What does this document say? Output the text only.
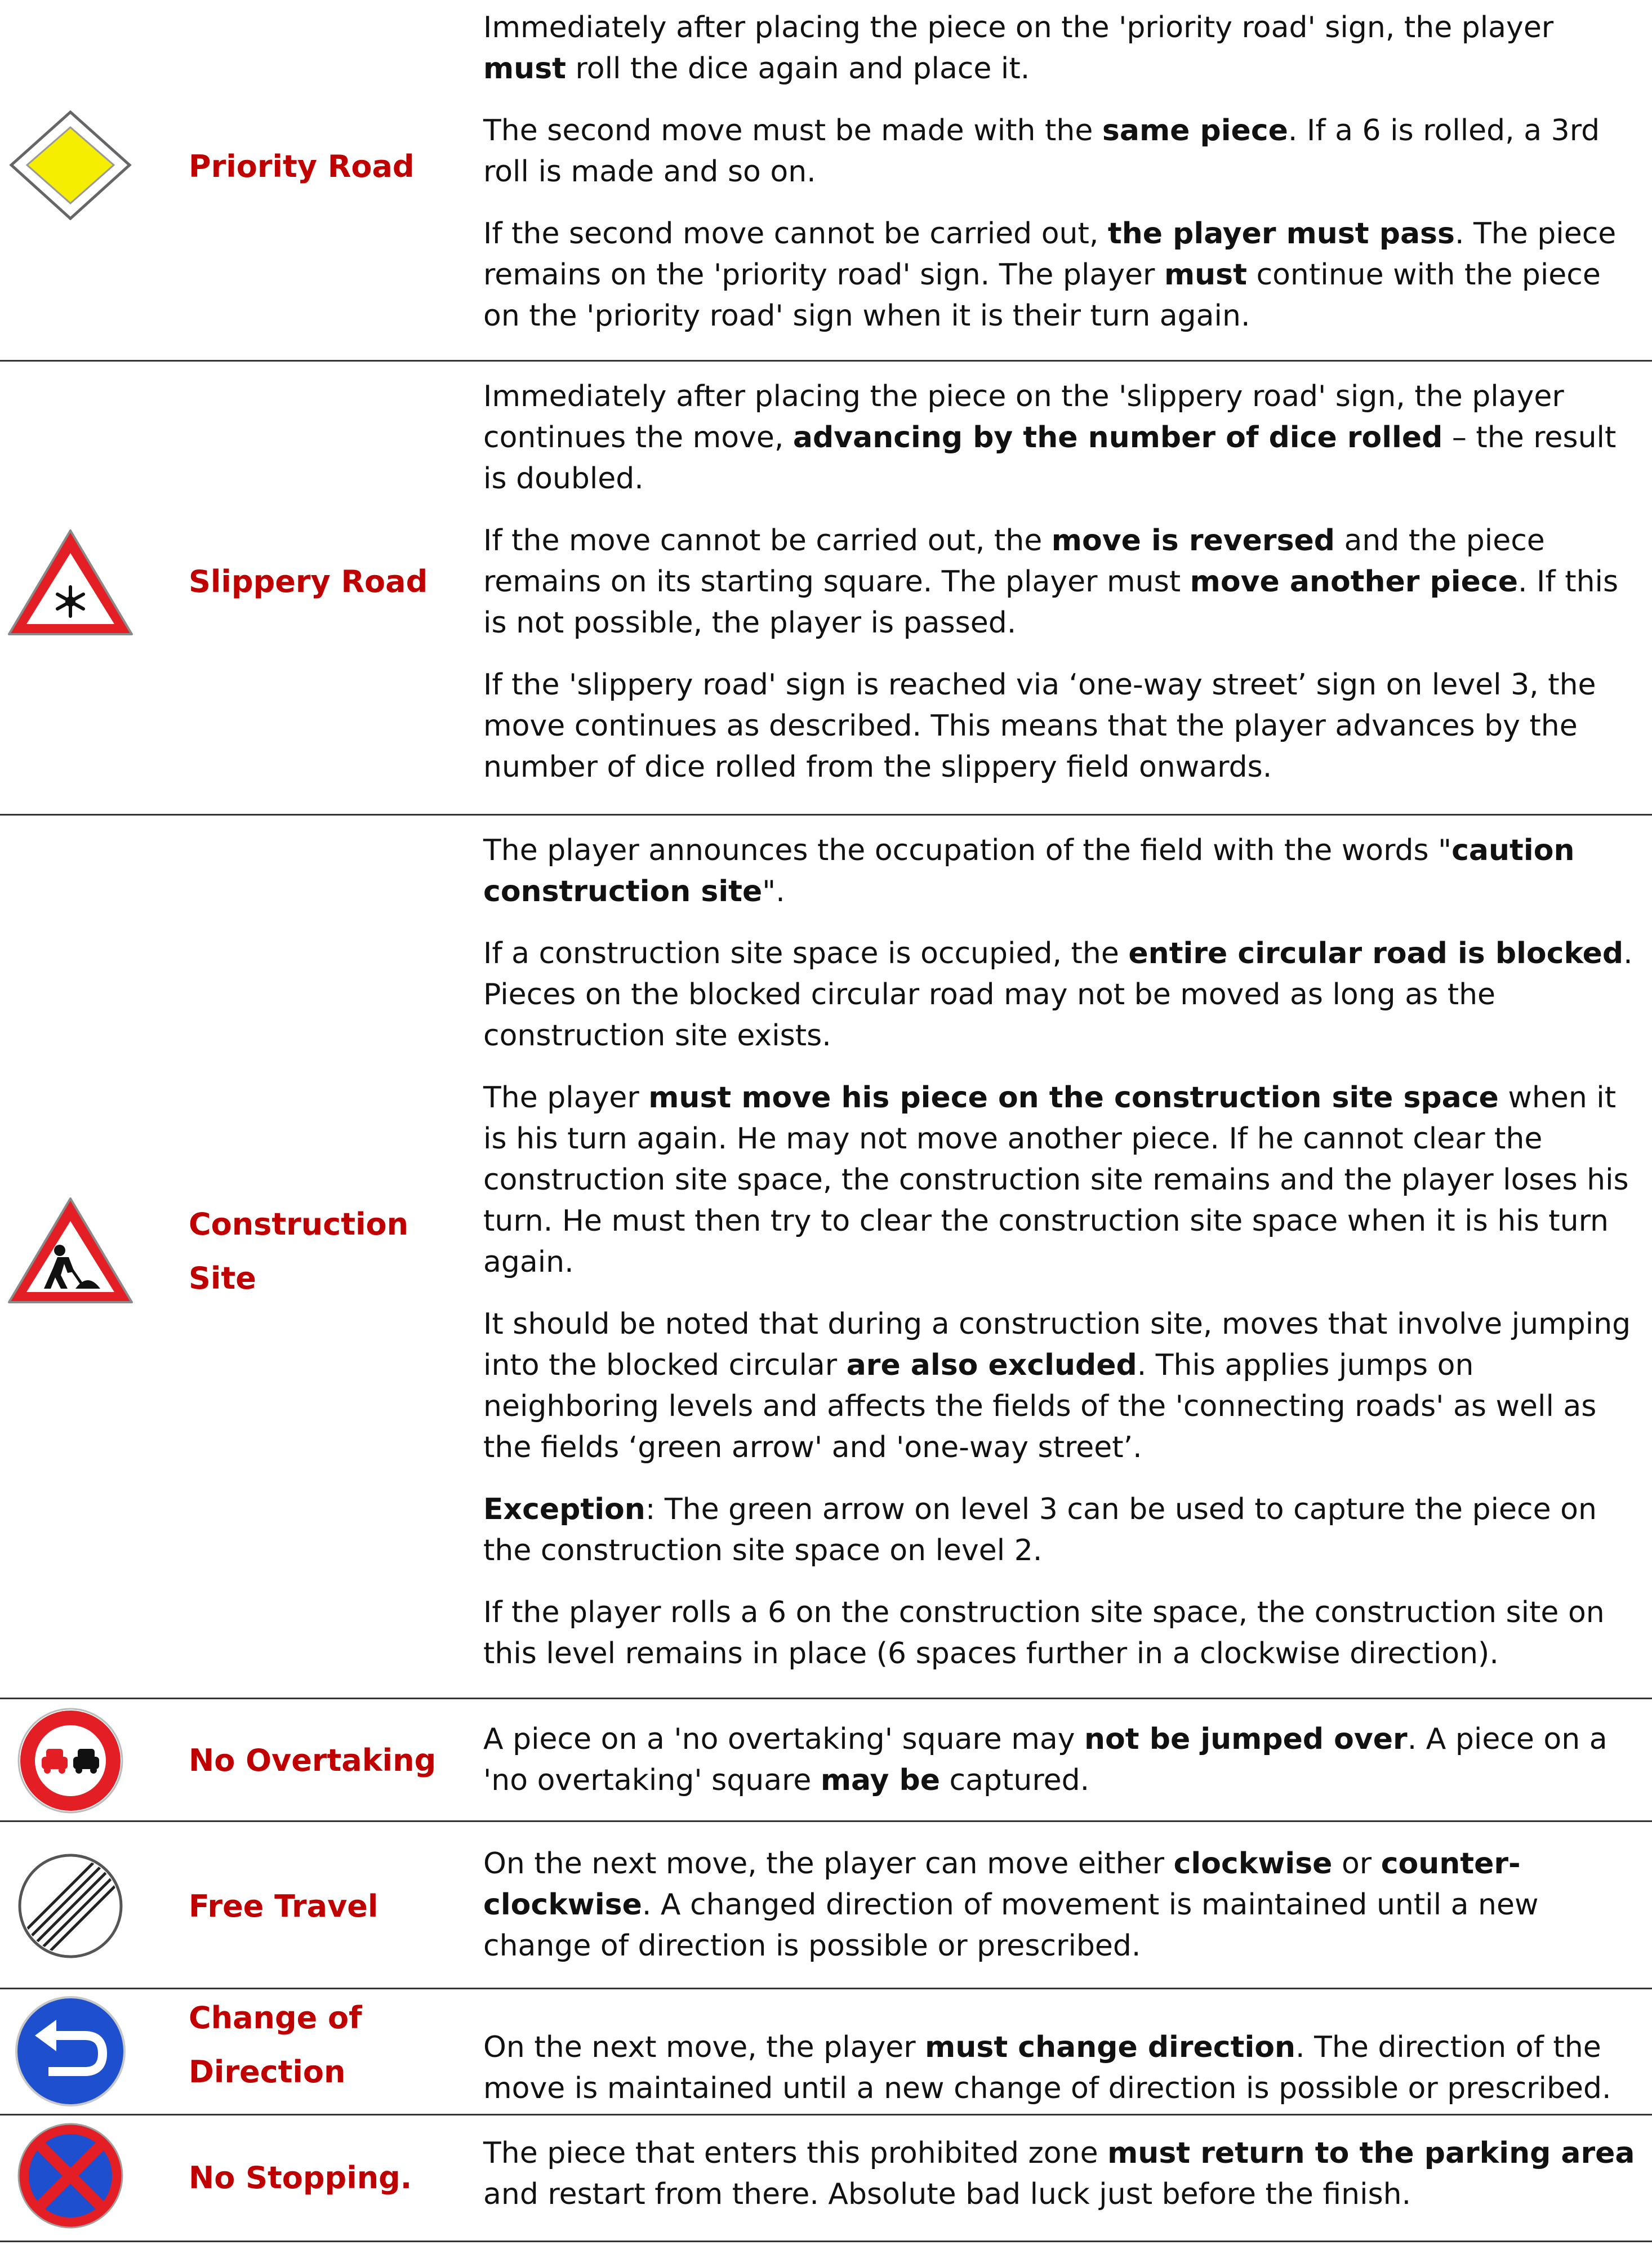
Priority Road

Immediately after placing the piece on the 'priority road' sign, the player must roll the dice again and place it.

The second move must be made with the same piece. If a 6 is rolled, a 3rd roll is made and so on.

If the second move cannot be carried out, the player must pass. The piece remains on the 'priority road' sign. The player must continue with the piece on the 'priority road' sign when it is their turn again.

Slippery Road

Immediately after placing the piece on the 'slippery road' sign, the player continues the move, advancing by the number of dice rolled – the result is doubled.

If the move cannot be carried out, the move is reversed and the piece remains on its starting square. The player must move another piece. If this is not possible, the player is passed.

If the 'slippery road' sign is reached via ‘one-way street’ sign on level 3, the move continues as described. This means that the player advances by the number of dice rolled from the slippery field onwards.

Construction Site

The player announces the occupation of the field with the words "caution construction site".

If a construction site space is occupied, the entire circular road is blocked. Pieces on the blocked circular road may not be moved as long as the construction site exists.

The player must move his piece on the construction site space when it is his turn again. He may not move another piece. If he cannot clear the construction site space, the construction site remains and the player loses his turn. He must then try to clear the construction site space when it is his turn again.

It should be noted that during a construction site, moves that involve jumping into the blocked circular are also excluded. This applies jumps on neighboring levels and affects the fields of the 'connecting roads' as well as the fields ‘green arrow' and 'one-way street’.

Exception: The green arrow on level 3 can be used to capture the piece on the construction site space on level 2.

If the player rolls a 6 on the construction site space, the construction site on this level remains in place (6 spaces further in a clockwise direction).

No Overtaking

A piece on a 'no overtaking' square may not be jumped over. A piece on a 'no overtaking' square may be captured.

Free Travel

On the next move, the player can move either clockwise or counter-clockwise. A changed direction of movement is maintained until a new change of direction is possible or prescribed.

Change of Direction

On the next move, the player must change direction. The direction of the move is maintained until a new change of direction is possible or prescribed.

No Stopping.

The piece that enters this prohibited zone must return to the parking area and restart from there. Absolute bad luck just before the finish.
